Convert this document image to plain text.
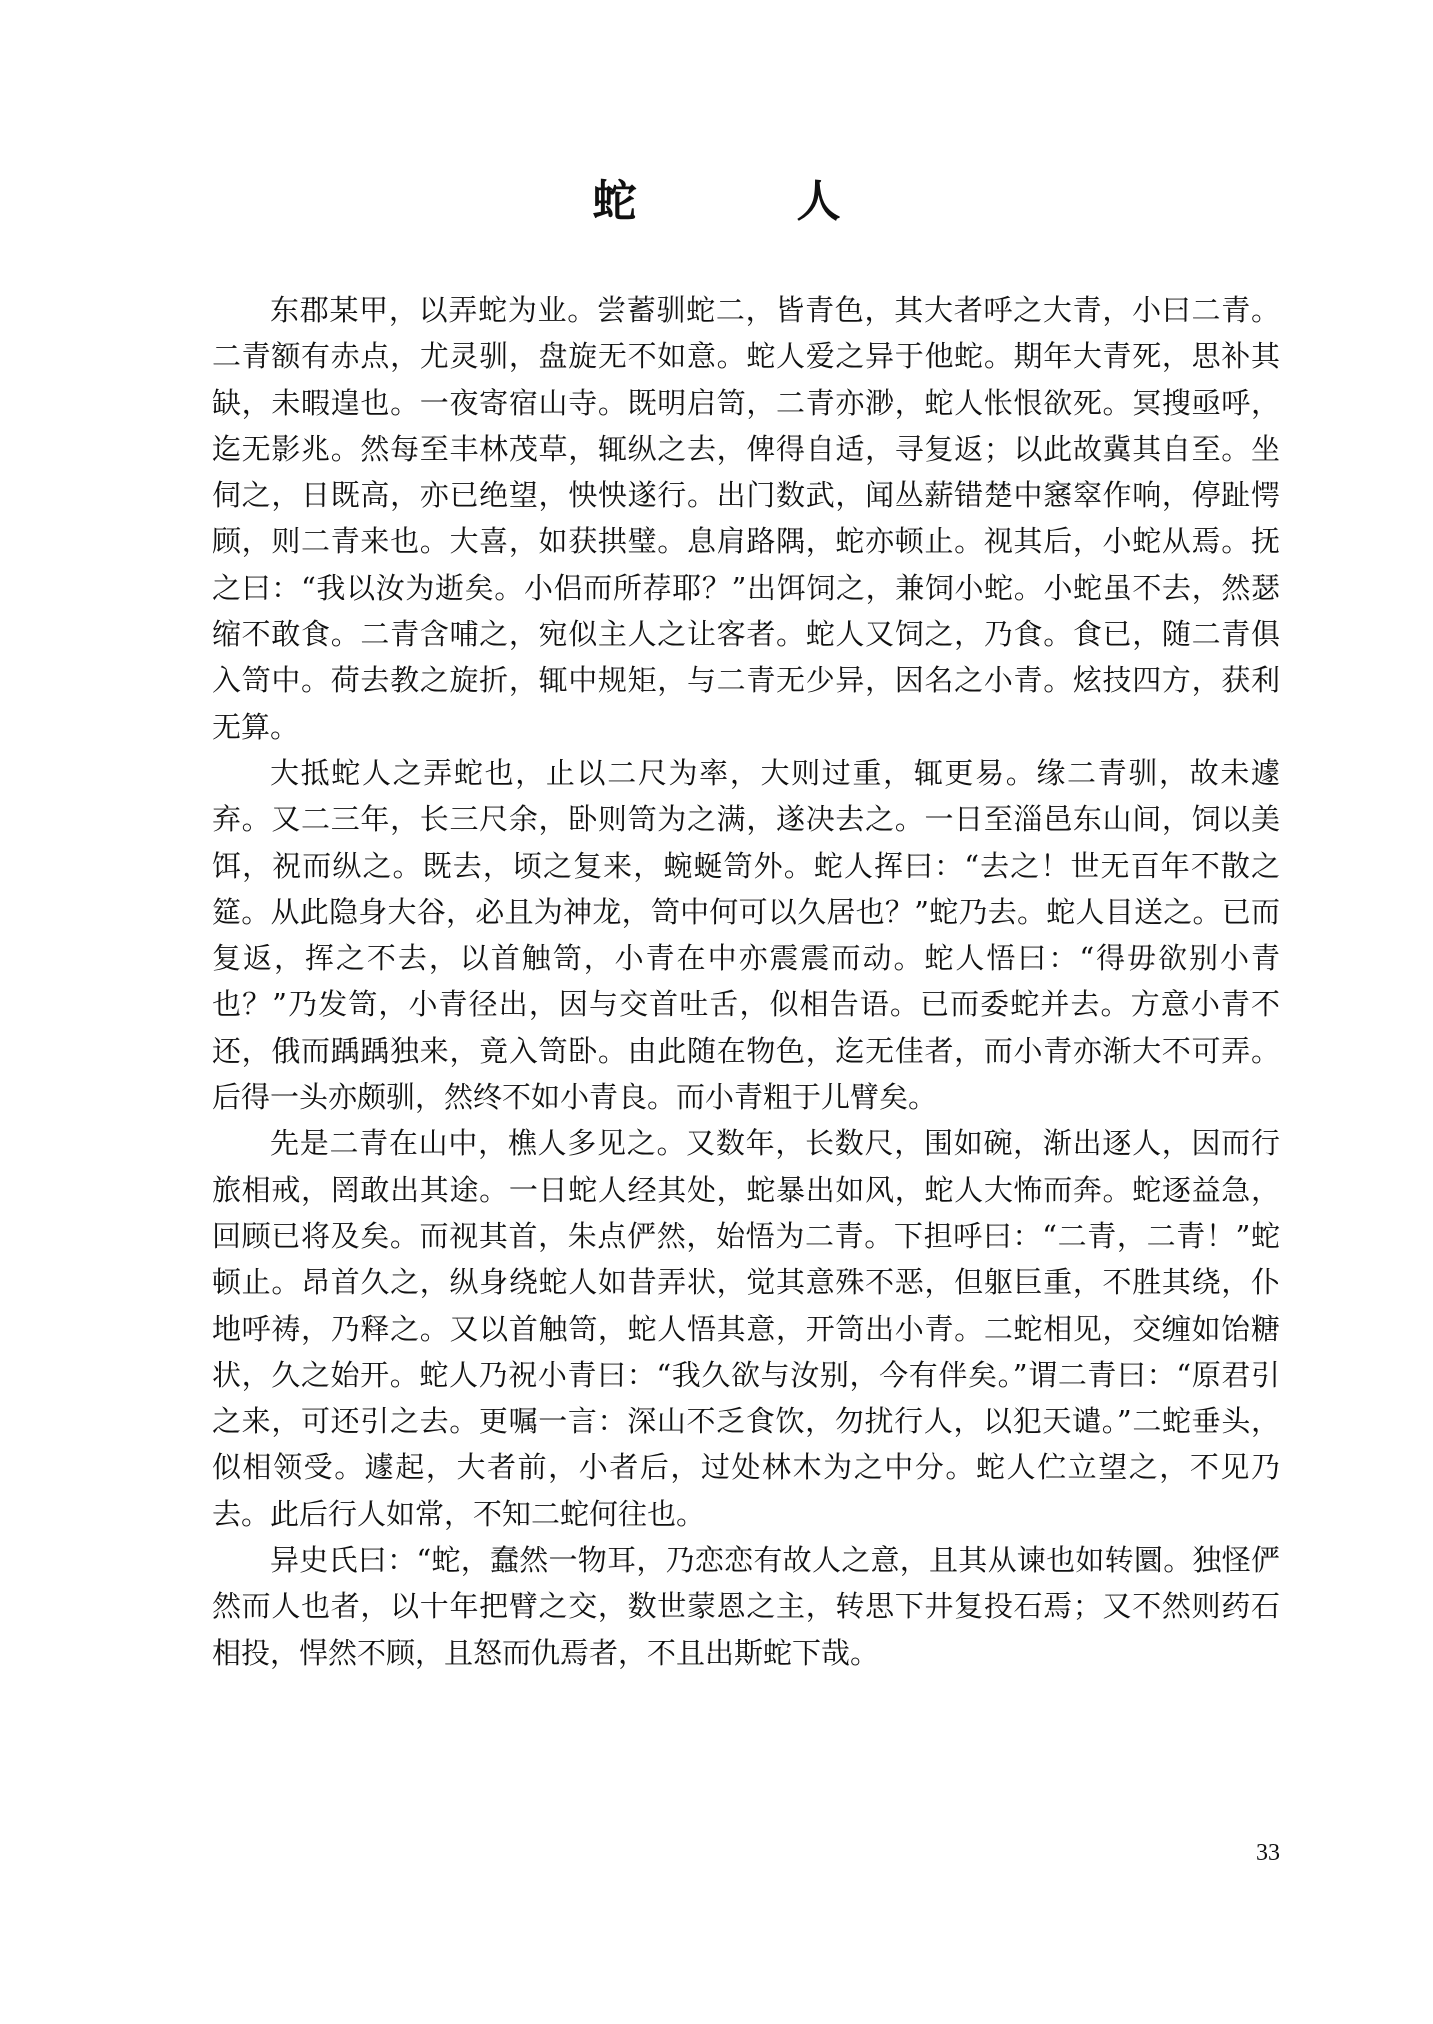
蛇　人

东郡某甲，以弄蛇为业。尝蓄驯蛇二，皆青色，其大者呼之大青，小曰二青。二青额有赤点，尤灵驯，盘旋无不如意。蛇人爱之异于他蛇。期年大青死，思补其缺，未暇遑也。一夜寄宿山寺。既明启笥，二青亦渺，蛇人怅恨欲死。冥搜亟呼，迄无影兆。然每至丰林茂草，辄纵之去，俾得自适，寻复返；以此故冀其自至。坐伺之，日既高，亦已绝望，怏怏遂行。出门数武，闻丛薪错楚中窸窣作响，停趾愕顾，则二青来也。大喜，如获拱璧。息肩路隅，蛇亦顿止。视其后，小蛇从焉。抚之曰：“我以汝为逝矣。小侣而所荐耶？”出饵饲之，兼饲小蛇。小蛇虽不去，然瑟缩不敢食。二青含哺之，宛似主人之让客者。蛇人又饲之，乃食。食已，随二青俱入笥中。荷去教之旋折，辄中规矩，与二青无少异，因名之小青。炫技四方，获利无算。

大抵蛇人之弄蛇也，止以二尺为率，大则过重，辄更易。缘二青驯，故未遽弃。又二三年，长三尺余，卧则笥为之满，遂决去之。一日至淄邑东山间，饲以美饵，祝而纵之。既去，顷之复来，蜿蜒笥外。蛇人挥曰：“去之！世无百年不散之筵。从此隐身大谷，必且为神龙，笥中何可以久居也？”蛇乃去。蛇人目送之。已而复返，挥之不去，以首触笥，小青在中亦震震而动。蛇人悟曰：“得毋欲别小青也？”乃发笥，小青径出，因与交首吐舌，似相告语。已而委蛇并去。方意小青不还，俄而踽踽独来，竟入笥卧。由此随在物色，迄无佳者，而小青亦渐大不可弄。后得一头亦颇驯，然终不如小青良。而小青粗于儿臂矣。

先是二青在山中，樵人多见之。又数年，长数尺，围如碗，渐出逐人，因而行旅相戒，罔敢出其途。一日蛇人经其处，蛇暴出如风，蛇人大怖而奔。蛇逐益急，回顾已将及矣。而视其首，朱点俨然，始悟为二青。下担呼曰：“二青，二青！”蛇顿止。昂首久之，纵身绕蛇人如昔弄状，觉其意殊不恶，但躯巨重，不胜其绕，仆地呼祷，乃释之。又以首触笥，蛇人悟其意，开笥出小青。二蛇相见，交缠如饴糖状，久之始开。蛇人乃祝小青曰：“我久欲与汝别，今有伴矣。”谓二青曰：“原君引之来，可还引之去。更嘱一言：深山不乏食饮，勿扰行人，以犯天谴。”二蛇垂头，似相领受。遽起，大者前，小者后，过处林木为之中分。蛇人伫立望之，不见乃去。此后行人如常，不知二蛇何往也。

异史氏曰：“蛇，蠢然一物耳，乃恋恋有故人之意，且其从谏也如转圜。独怪俨然而人也者，以十年把臂之交，数世蒙恩之主，转思下井复投石焉；又不然则药石相投，悍然不顾，且怒而仇焉者，不且出斯蛇下哉。

33
